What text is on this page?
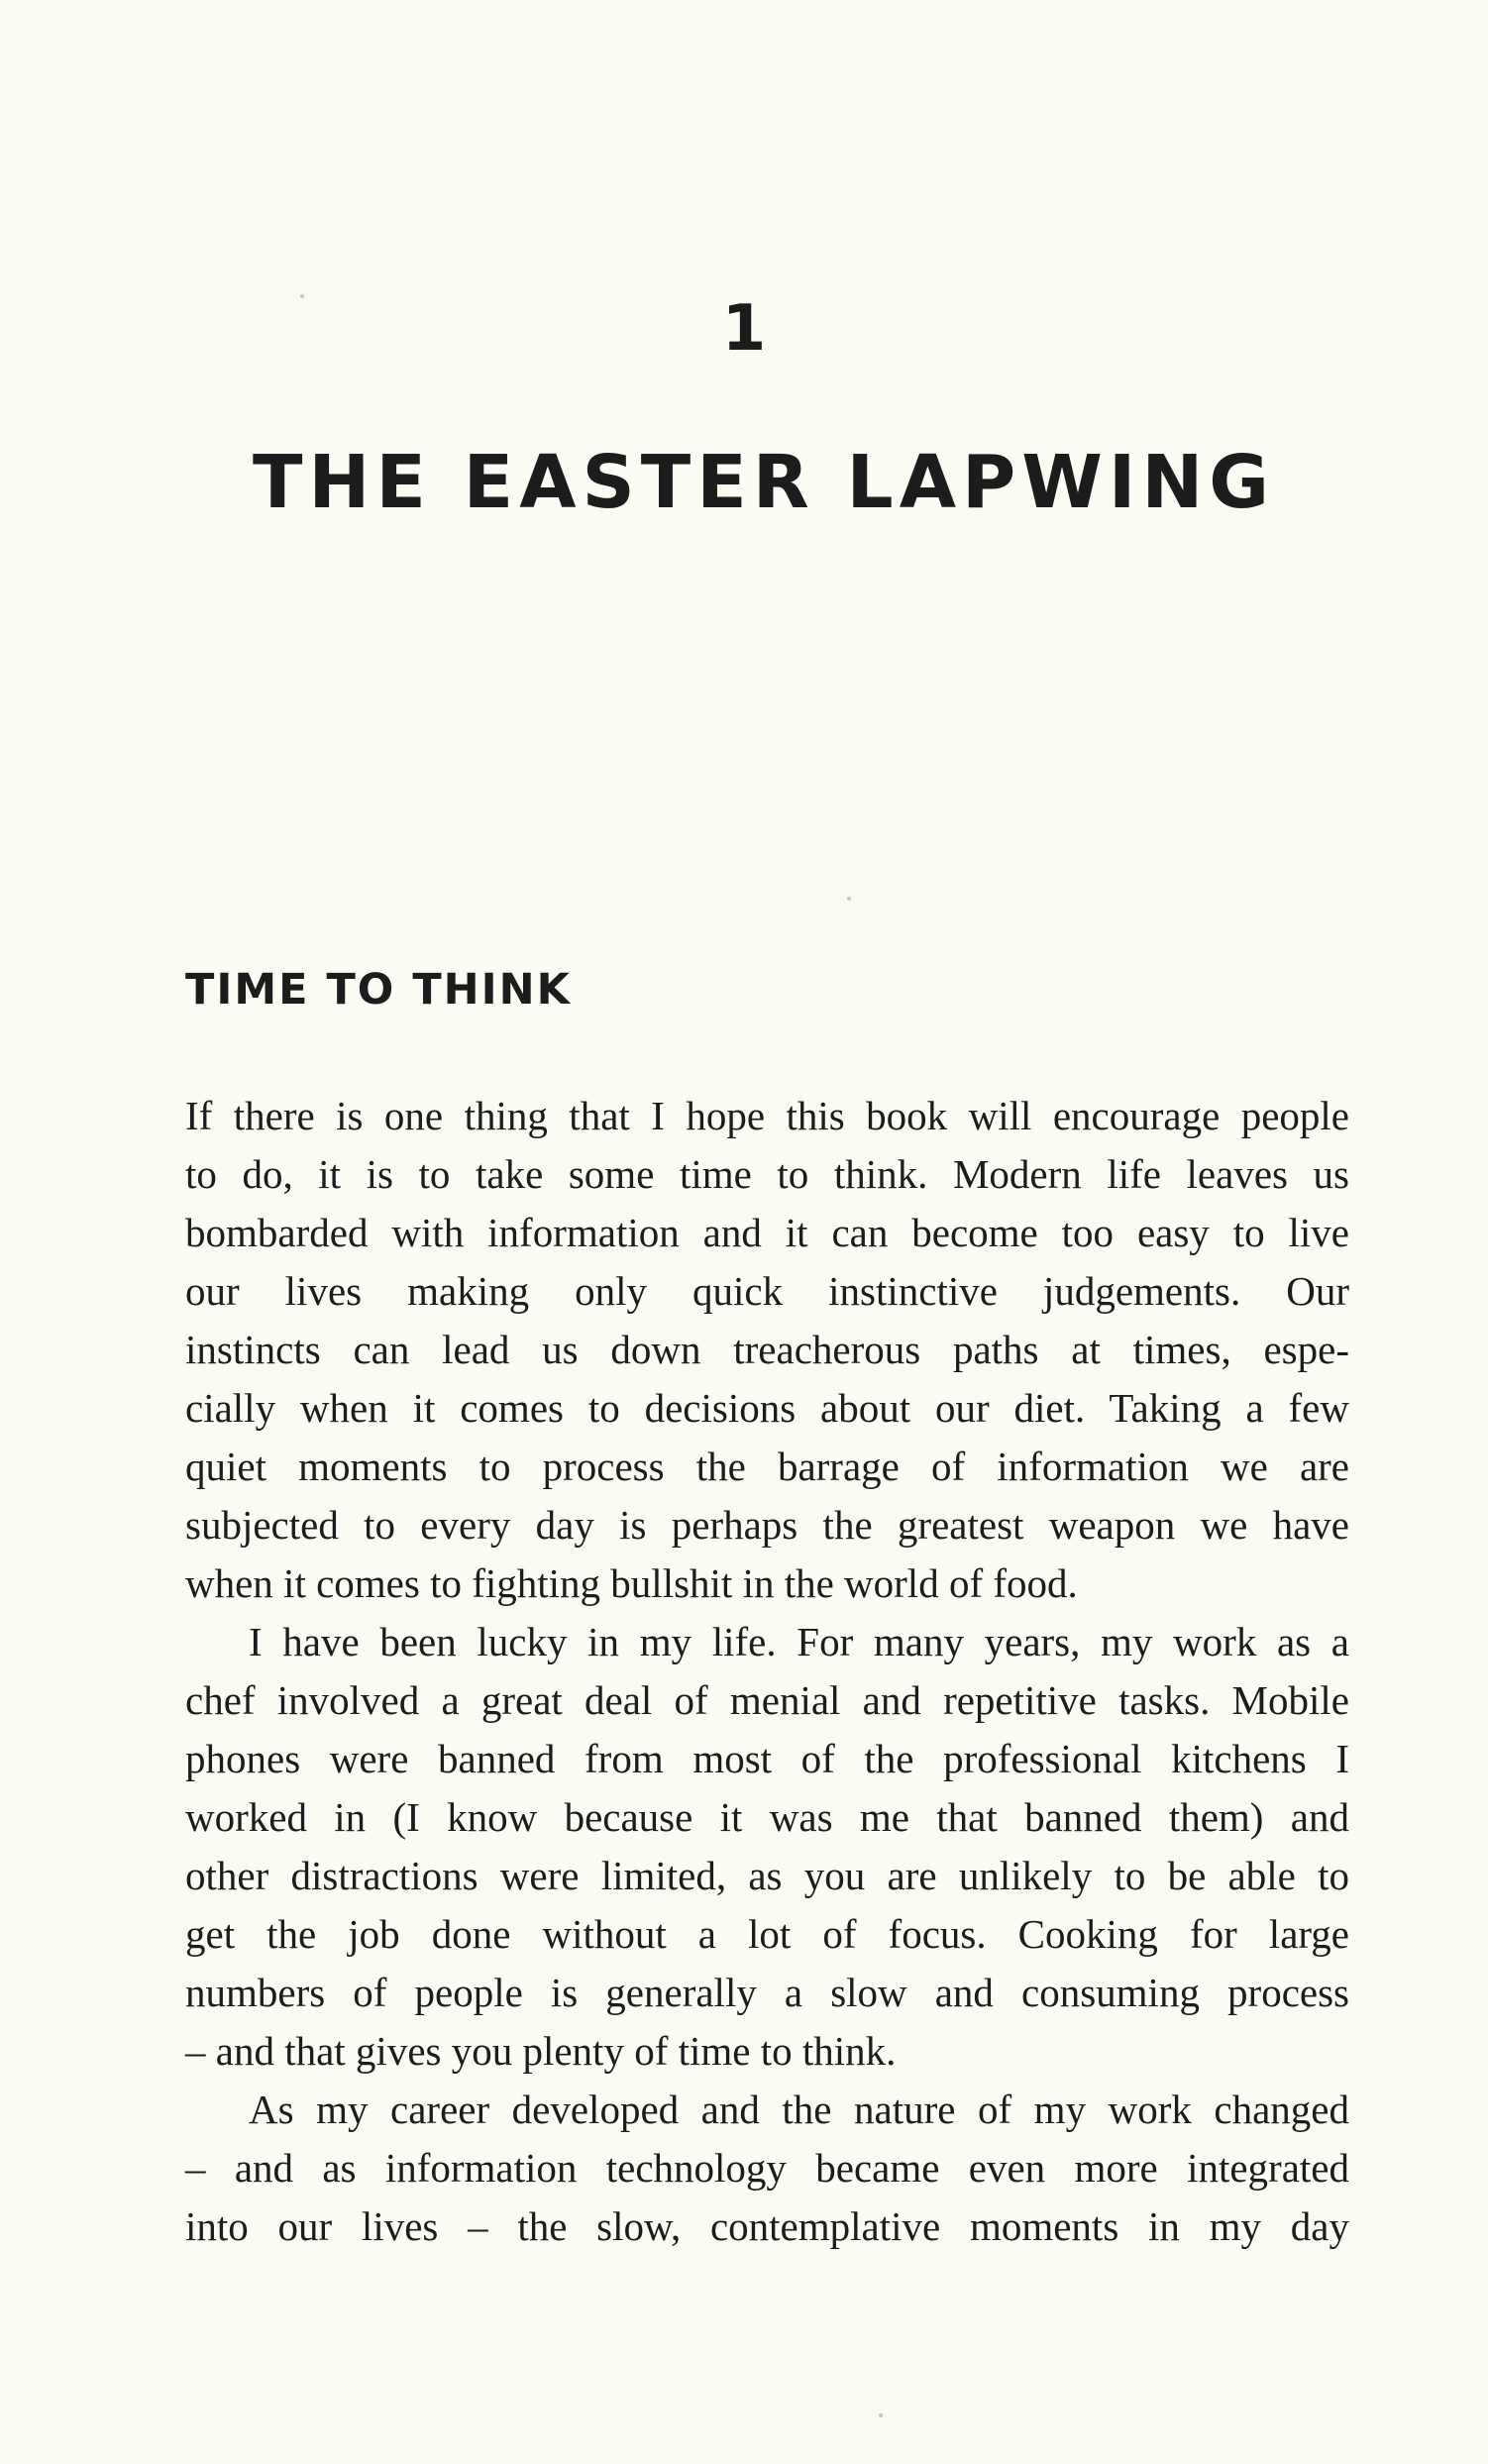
1
THE EASTER LAPWING
TIME TO THINK
If there is one thing that I hope this book will encourage people
to do, it is to take some time to think. Modern life leaves us
bombarded with information and it can become too easy to live
our lives making only quick instinctive judgements. Our
instincts can lead us down treacherous paths at times, espe-
cially when it comes to decisions about our diet. Taking a few
quiet moments to process the barrage of information we are
subjected to every day is perhaps the greatest weapon we have
when it comes to fighting bullshit in the world of food.
I have been lucky in my life. For many years, my work as a
chef involved a great deal of menial and repetitive tasks. Mobile
phones were banned from most of the professional kitchens I
worked in (I know because it was me that banned them) and
other distractions were limited, as you are unlikely to be able to
get the job done without a lot of focus. Cooking for large
numbers of people is generally a slow and consuming process
– and that gives you plenty of time to think.
As my career developed and the nature of my work changed
– and as information technology became even more integrated
into our lives – the slow, contemplative moments in my day
